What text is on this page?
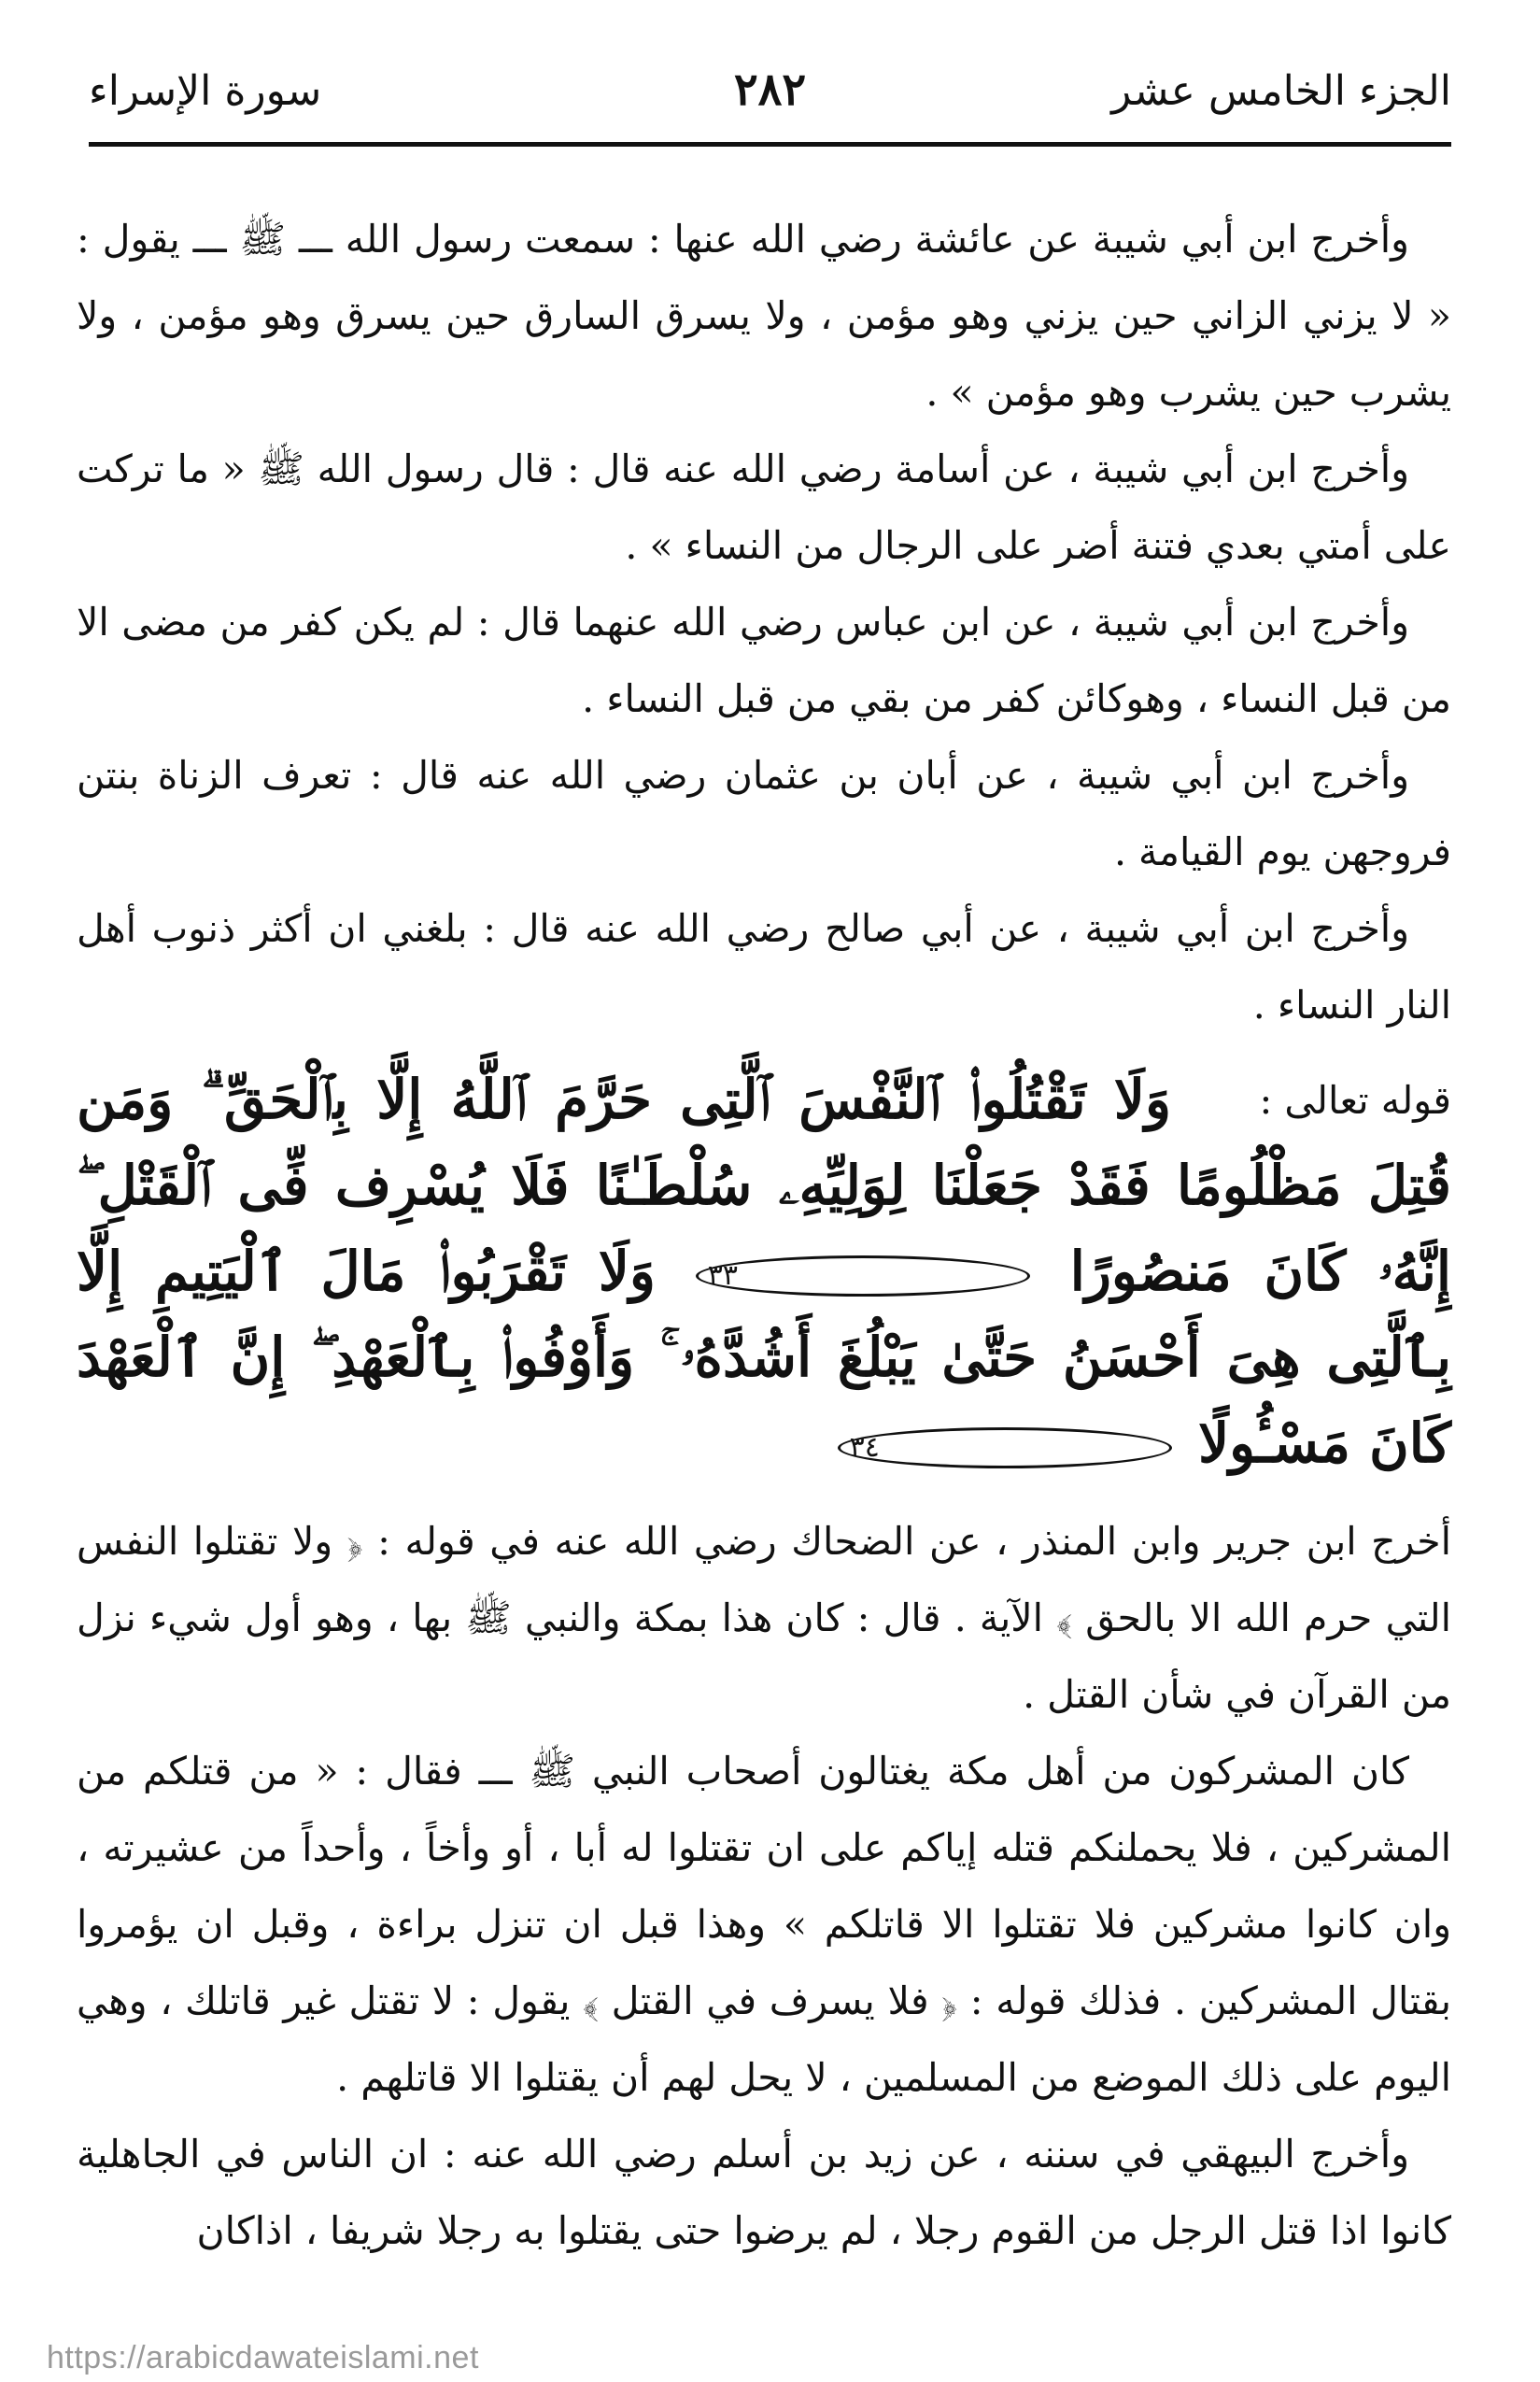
الجزء الخامس عشر
٢٨٢
سورة الإسراء

وأخرج ابن أبي شيبة عن عائشة رضي الله عنها : سمعت رسول الله ـــ ﷺ ـــ يقول : « لا يزني الزاني حين يزني وهو مؤمن ، ولا يسرق السارق حين يسرق وهو مؤمن ، ولا يشرب حين يشرب وهو مؤمن » .

وأخرج ابن أبي شيبة ، عن أسامة رضي الله عنه قال : قال رسول الله ﷺ « ما تركت على أمتي بعدي فتنة أضر على الرجال من النساء » .

وأخرج ابن أبي شيبة ، عن ابن عباس رضي الله عنهما قال : لم يكن كفر من مضى الا من قبل النساء ، وهوكائن كفر من بقي من قبل النساء .

وأخرج ابن أبي شيبة ، عن أبان بن عثمان رضي الله عنه قال : تعرف الزناة بنتن فروجهن يوم القيامة .

وأخرج ابن أبي شيبة ، عن أبي صالح رضي الله عنه قال : بلغني ان أكثر ذنوب أهل النار النساء .

قوله تعالى :

وَلَا تَقْتُلُوا۟ ٱلنَّفْسَ ٱلَّتِى حَرَّمَ ٱللَّهُ إِلَّا بِٱلْحَقِّ ۗ وَمَن قُتِلَ مَظْلُومًا فَقَدْ جَعَلْنَا لِوَلِيِّهِۦ سُلْطَـٰنًا فَلَا يُسْرِف فِّى ٱلْقَتْلِ ۖ إِنَّهُۥ كَانَ مَنصُورًا ٣٣ وَلَا تَقْرَبُوا۟ مَالَ ٱلْيَتِيمِ إِلَّا بِٱلَّتِى هِىَ أَحْسَنُ حَتَّىٰ يَبْلُغَ أَشُدَّهُۥ ۚ وَأَوْفُوا۟ بِٱلْعَهْدِ ۖ إِنَّ ٱلْعَهْدَ كَانَ مَسْـُٔولًا ٣٤

أخرج ابن جرير وابن المنذر ، عن الضحاك رضي الله عنه في قوله : ﴿ ولا تقتلوا النفس التي حرم الله الا بالحق ﴾ الآية . قال : كان هذا بمكة والنبي ﷺ بها ، وهو أول شيء نزل من القرآن في شأن القتل .

كان المشركون من أهل مكة يغتالون أصحاب النبي ﷺ ـــ فقال : « من قتلكم من المشركين ، فلا يحملنكم قتله إياكم على ان تقتلوا له أبا ، أو وأخاً ، وأحداً من عشيرته ، وان كانوا مشركين فلا تقتلوا الا قاتلكم » وهذا قبل ان تنزل براءة ، وقبل ان يؤمروا بقتال المشركين . فذلك قوله : ﴿ فلا يسرف في القتل ﴾ يقول : لا تقتل غير قاتلك ، وهي اليوم على ذلك الموضع من المسلمين ، لا يحل لهم أن يقتلوا الا قاتلهم .

وأخرج البيهقي في سننه ، عن زيد بن أسلم رضي الله عنه : ان الناس في الجاهلية كانوا اذا قتل الرجل من القوم رجلا ، لم يرضوا حتى يقتلوا به رجلا شريفا ، اذاكان

https://arabicdawateislami.net
